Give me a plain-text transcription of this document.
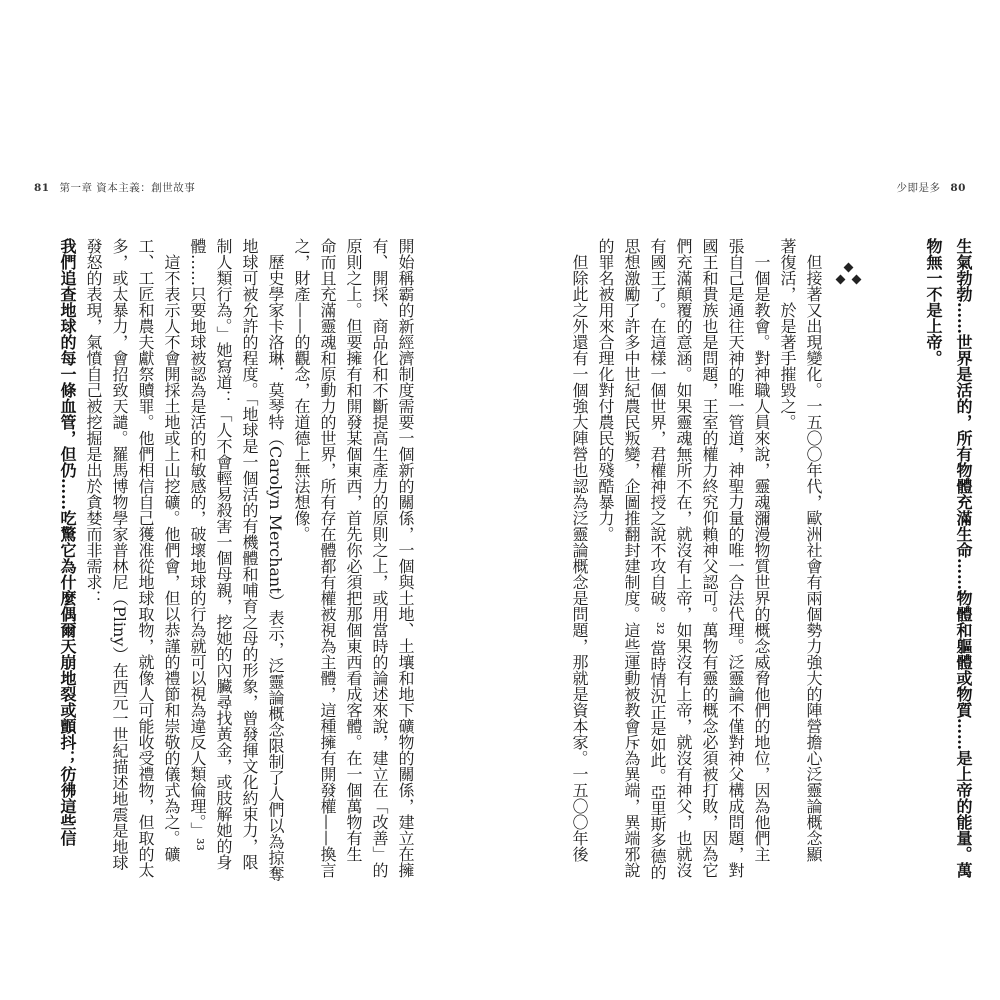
81 第一章 資本主義：創世故事	少即是多 80
生氣勃勃……世界是活的，所有物體充滿生命……物體和軀體或物質……是上帝的能量。萬
物無一不是上帝。
但接著又出現變化。一五〇〇年代，歐洲社會有兩個勢力強大的陣營擔心泛靈論概念顯
著復活，於是著手摧毀之。
一個是教會。對神職人員來說，靈魂瀰漫物質世界的概念威脅他們的地位，因為他們主
張自己是通往天神的唯一管道，神聖力量的唯一合法代理。泛靈論不僅對神父構成問題，對
國王和貴族也是問題，王室的權力終究仰賴神父認可。萬物有靈的概念必須被打敗，因為它
們充滿顛覆的意涵。如果靈魂無所不在，就沒有上帝，如果沒有上帝，就沒有神父，也就沒
有國王了。在這樣一個世界，君權神授之說不攻自破。³² 當時情況正是如此。亞里斯多德的
思想激勵了許多中世紀農民叛變，企圖推翻封建制度。這些運動被教會斥為異端，異端邪說
的罪名被用來合理化對付農民的殘酷暴力。
但除此之外還有一個強大陣營也認為泛靈論概念是問題，那就是資本家。一五〇〇年後
開始稱霸的新經濟制度需要一個新的關係，一個與土地、土壤和地下礦物的關係，建立在擁
有、開採、商品化和不斷提高生產力的原則之上，或用當時的論述來說，建立在「改善」的
原則之上。但要擁有和開發某個東西，首先你必須把那個東西看成客體。在一個萬物有生
命而且充滿靈魂和原動力的世界，所有存在體都有權被視為主體，這種擁有開發權——換言
之，財產——的觀念，在道德上無法想像。
歷史學家卡洛琳．莫琴特（Carolyn Merchant）表示，泛靈論概念限制了人們以為掠奪
地球可被允許的程度。「地球是一個活的有機體和哺育之母的形象，曾發揮文化約束力，限
制人類行為。」她寫道：「人不會輕易殺害一個母親，挖她的內臟尋找黃金，或肢解她的身
體……只要地球被認為是活的和敏感的，破壞地球的行為就可以視為違反人類倫理。」³³
這不表示人不會開採土地或上山挖礦。他們會，但以恭謹的禮節和崇敬的儀式為之。礦
工、工匠和農夫獻祭贖罪。他們相信自己獲准從地球取物，就像人可能收受禮物，但取的太
多，或太暴力，會招致天譴。羅馬博物學家普林尼（Pliny）在西元一世紀描述地震是地球
發怒的表現，氣憤自己被挖掘是出於貪婪而非需求：
我們追查地球的每一條血管，但仍……吃驚它為什麼偶爾天崩地裂或顫抖；彷彿這些信
